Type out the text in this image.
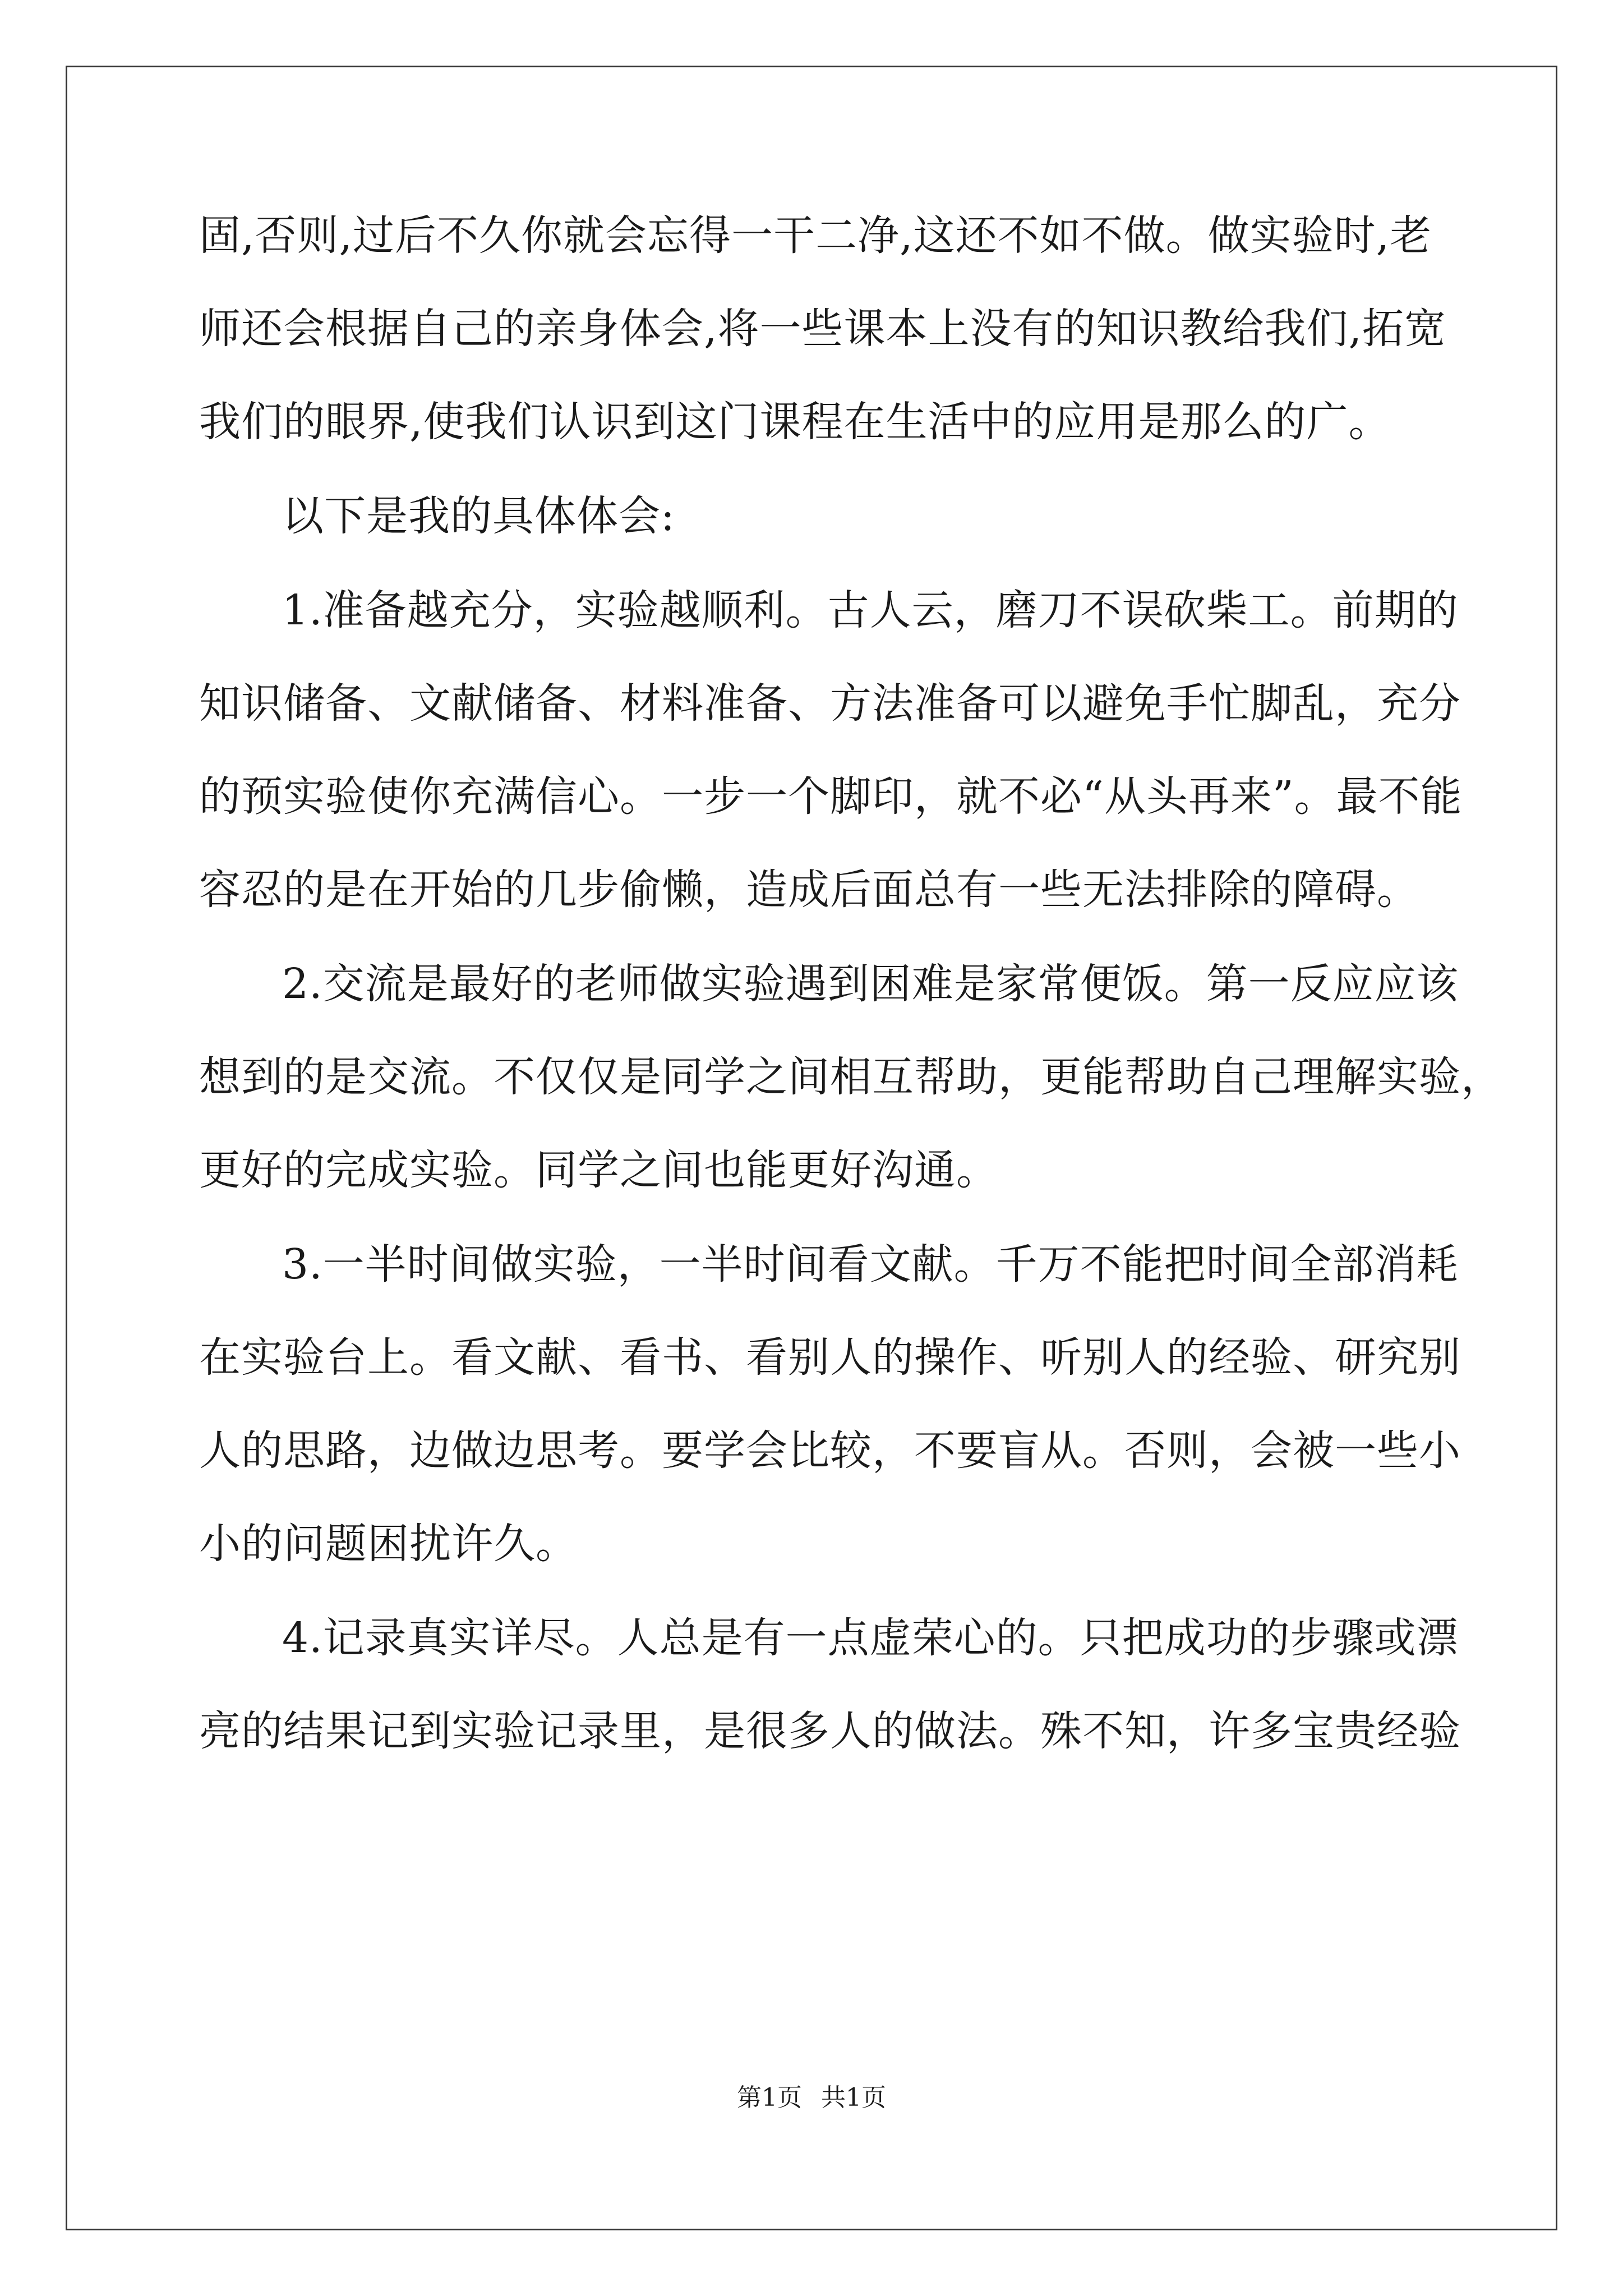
固,否则,过后不久你就会忘得一干二净,这还不如不做。做实验时,老
师还会根据自己的亲身体会,将一些课本上没有的知识教给我们,拓宽
我们的眼界,使我们认识到这门课程在生活中的应用是那么的广。
以下是我的具体体会:
1.准备越充分，实验越顺利。古人云，磨刀不误砍柴工。前期的
知识储备、文献储备、材料准备、方法准备可以避免手忙脚乱，充分
的预实验使你充满信心。一步一个脚印，就不必“从头再来”。最不能
容忍的是在开始的几步偷懒，造成后面总有一些无法排除的障碍。
2.交流是最好的老师做实验遇到困难是家常便饭。第一反应应该
想到的是交流。不仅仅是同学之间相互帮助，更能帮助自己理解实验，
更好的完成实验。同学之间也能更好沟通。
3.一半时间做实验，一半时间看文献。千万不能把时间全部消耗
在实验台上。看文献、看书、看别人的操作、听别人的经验、研究别
人的思路，边做边思考。要学会比较，不要盲从。否则，会被一些小
小的问题困扰许久。
4.记录真实详尽。人总是有一点虚荣心的。只把成功的步骤或漂
亮的结果记到实验记录里，是很多人的做法。殊不知，许多宝贵经验
第1页 共1页
